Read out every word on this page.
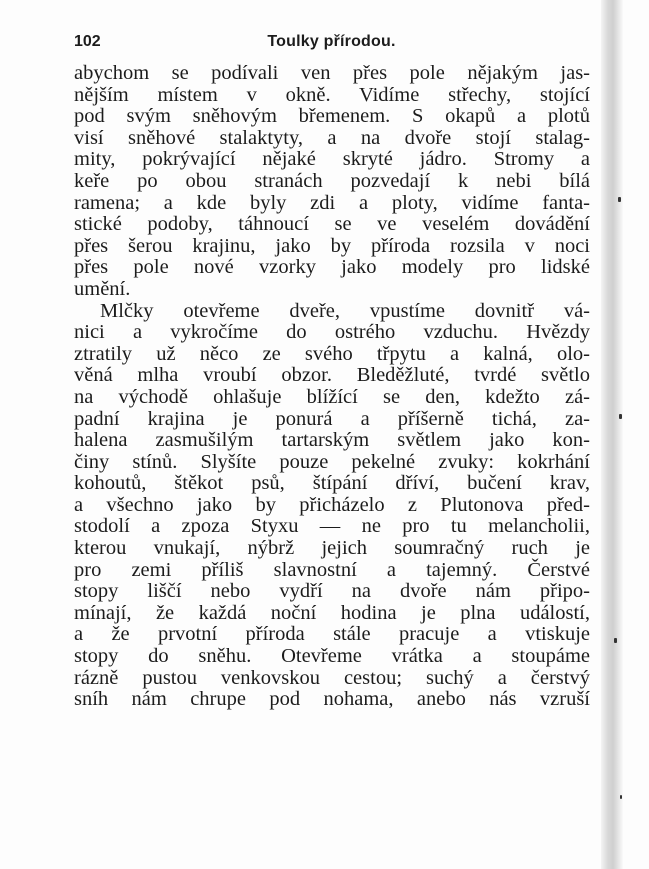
102	Toulky přírodou.
abychom se podívali ven přes pole nějakým jas-
nějším místem v okně. Vidíme střechy, stojící
pod svým sněhovým břemenem. S okapů a plotů
visí sněhové stalaktyty, a na dvoře stojí stalag-
mity, pokrývající nějaké skryté jádro. Stromy a
keře po obou stranách pozvedají k nebi bílá
ramena; a kde byly zdi a ploty, vidíme fanta-
stické podoby, táhnoucí se ve veselém dovádění
přes šerou krajinu, jako by příroda rozsila v noci
přes pole nové vzorky jako modely pro lidské
umění.
Mlčky otevřeme dveře, vpustíme dovnitř vá-
nici a vykročíme do ostrého vzduchu. Hvězdy
ztratily už něco ze svého třpytu a kalná, olo-
věná mlha vroubí obzor. Bleděžluté, tvrdé světlo
na východě ohlašuje blížící se den, kdežto zá-
padní krajina je ponurá a příšerně tichá, za-
halena zasmušilým tartarským světlem jako kon-
činy stínů. Slyšíte pouze pekelné zvuky: kokrhání
kohoutů, štěkot psů, štípání dříví, bučení krav,
a všechno jako by přicházelo z Plutonova před-
stodolí a zpoza Styxu — ne pro tu melancholii,
kterou vnukají, nýbrž jejich soumračný ruch je
pro zemi příliš slavnostní a tajemný. Čerstvé
stopy liščí nebo vydří na dvoře nám připo-
mínají, že každá noční hodina je plna událostí,
a že prvotní příroda stále pracuje a vtiskuje
stopy do sněhu. Otevřeme vrátka a stoupáme
rázně pustou venkovskou cestou; suchý a čerstvý
sníh nám chrupe pod nohama, anebo nás vzruší
